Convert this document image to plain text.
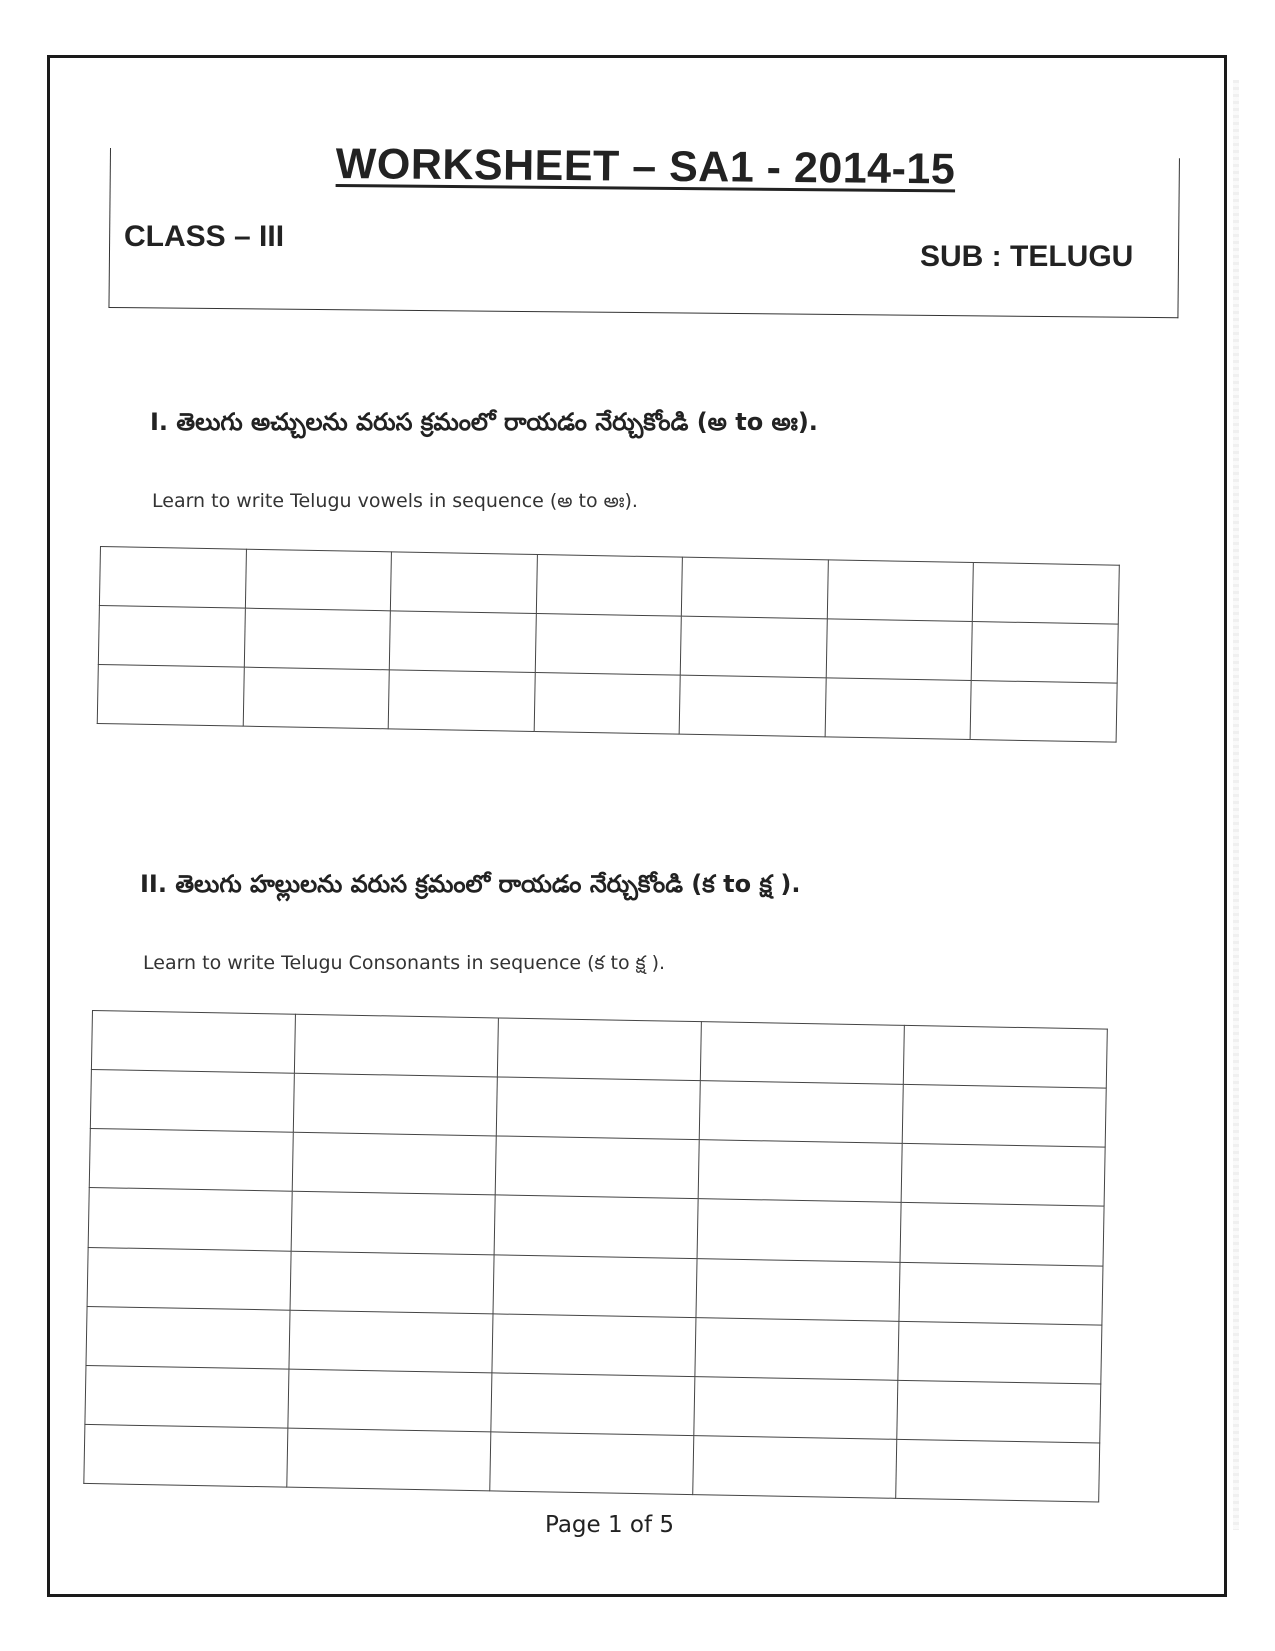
WORKSHEET – SA1 - 2014-15
CLASS – III
SUB : TELUGU
I. తెలుగు అచ్చులను వరుస క్రమంలో రాయడం నేర్చుకోండి (అ to అః).
Learn to write Telugu vowels in sequence (అ to అః).

II. తెలుగు హల్లులను వరుస క్రమంలో రాయడం నేర్చుకోండి (క to క్ష ).
Learn to write Telugu Consonants in sequence (క to క్ష ).

Page 1 of 5
